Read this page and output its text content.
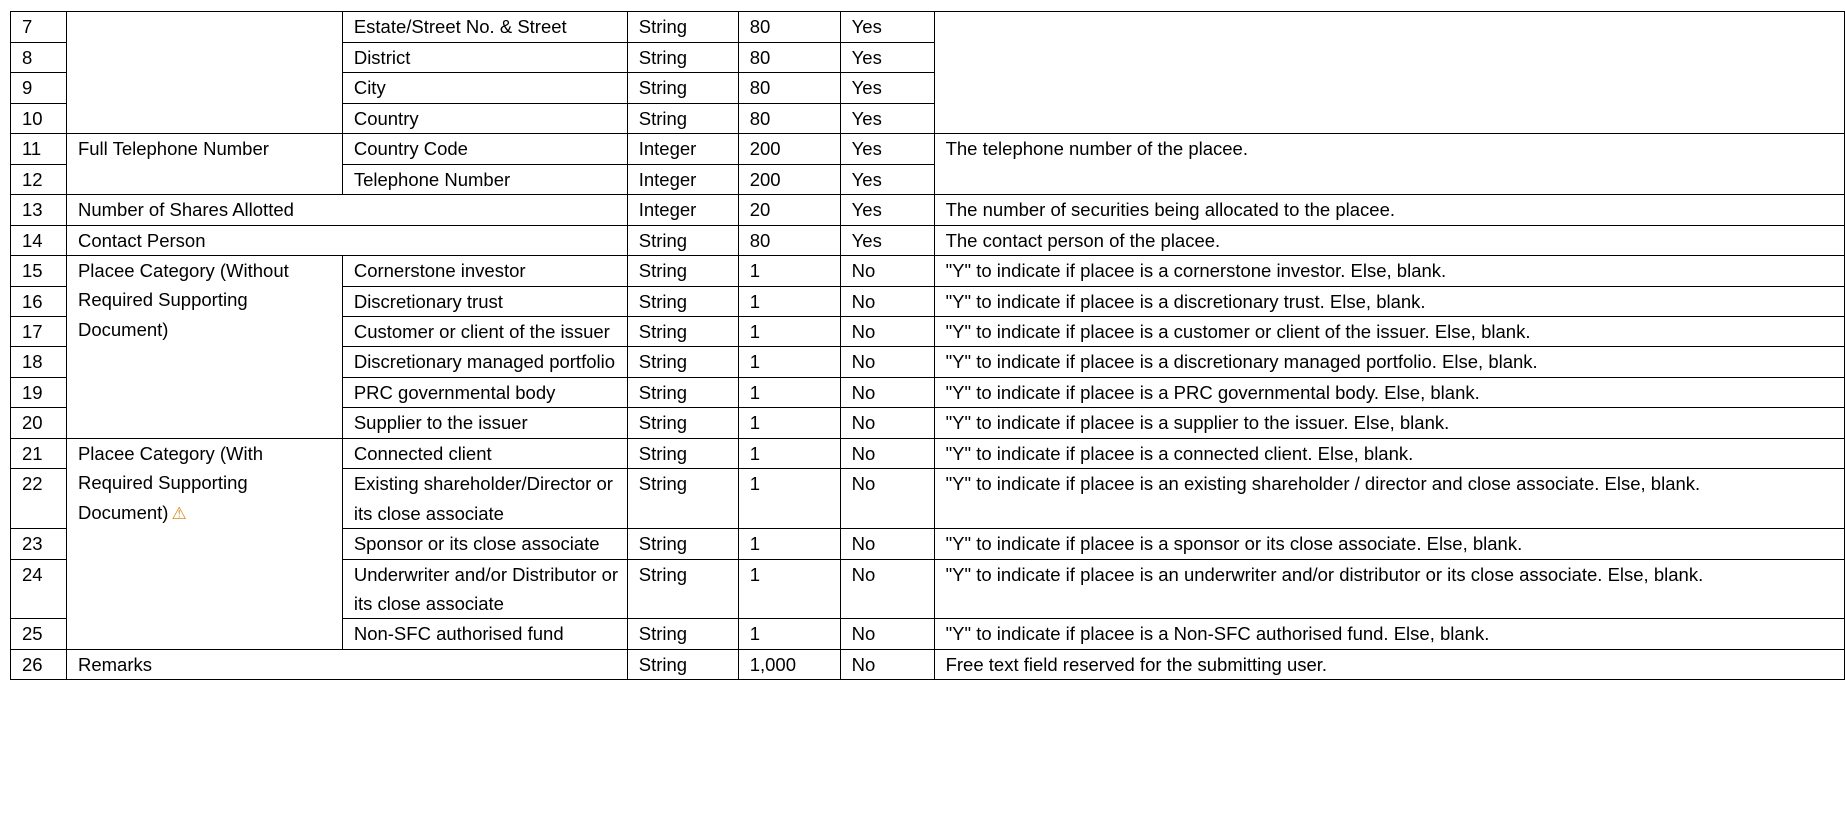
7		Estate/Street No. & Street	String	80	Yes	
8		District	String	80	Yes	
9		City	String	80	Yes	
10		Country	String	80	Yes	
11	Full Telephone Number	Country Code	Integer	200	Yes	The telephone number of the placee.
12		Telephone Number	Integer	200	Yes	
13	Number of Shares Allotted		Integer	20	Yes	The number of securities being allocated to the placee.
14	Contact Person		String	80	Yes	The contact person of the placee.
15	Placee Category (Without Required Supporting Document)	Cornerstone investor	String	1	No	"Y" to indicate if placee is a cornerstone investor. Else, blank.
16		Discretionary trust	String	1	No	"Y" to indicate if placee is a discretionary trust. Else, blank.
17		Customer or client of the issuer	String	1	No	"Y" to indicate if placee is a customer or client of the issuer. Else, blank.
18		Discretionary managed portfolio	String	1	No	"Y" to indicate if placee is a discretionary managed portfolio. Else, blank.
19		PRC governmental body	String	1	No	"Y" to indicate if placee is a PRC governmental body. Else, blank.
20		Supplier to the issuer	String	1	No	"Y" to indicate if placee is a supplier to the issuer. Else, blank.
21	Placee Category (With Required Supporting Document) ⚠	Connected client	String	1	No	"Y" to indicate if placee is a connected client. Else, blank.
22		Existing shareholder/Director or its close associate	String	1	No	"Y" to indicate if placee is an existing shareholder / director and close associate. Else, blank.
23		Sponsor or its close associate	String	1	No	"Y" to indicate if placee is a sponsor or its close associate. Else, blank.
24		Underwriter and/or Distributor or its close associate	String	1	No	"Y" to indicate if placee is an underwriter and/or distributor or its close associate. Else, blank.
25		Non-SFC authorised fund	String	1	No	"Y" to indicate if placee is a Non-SFC authorised fund. Else, blank.
26	Remarks		String	1,000	No	Free text field reserved for the submitting user.
